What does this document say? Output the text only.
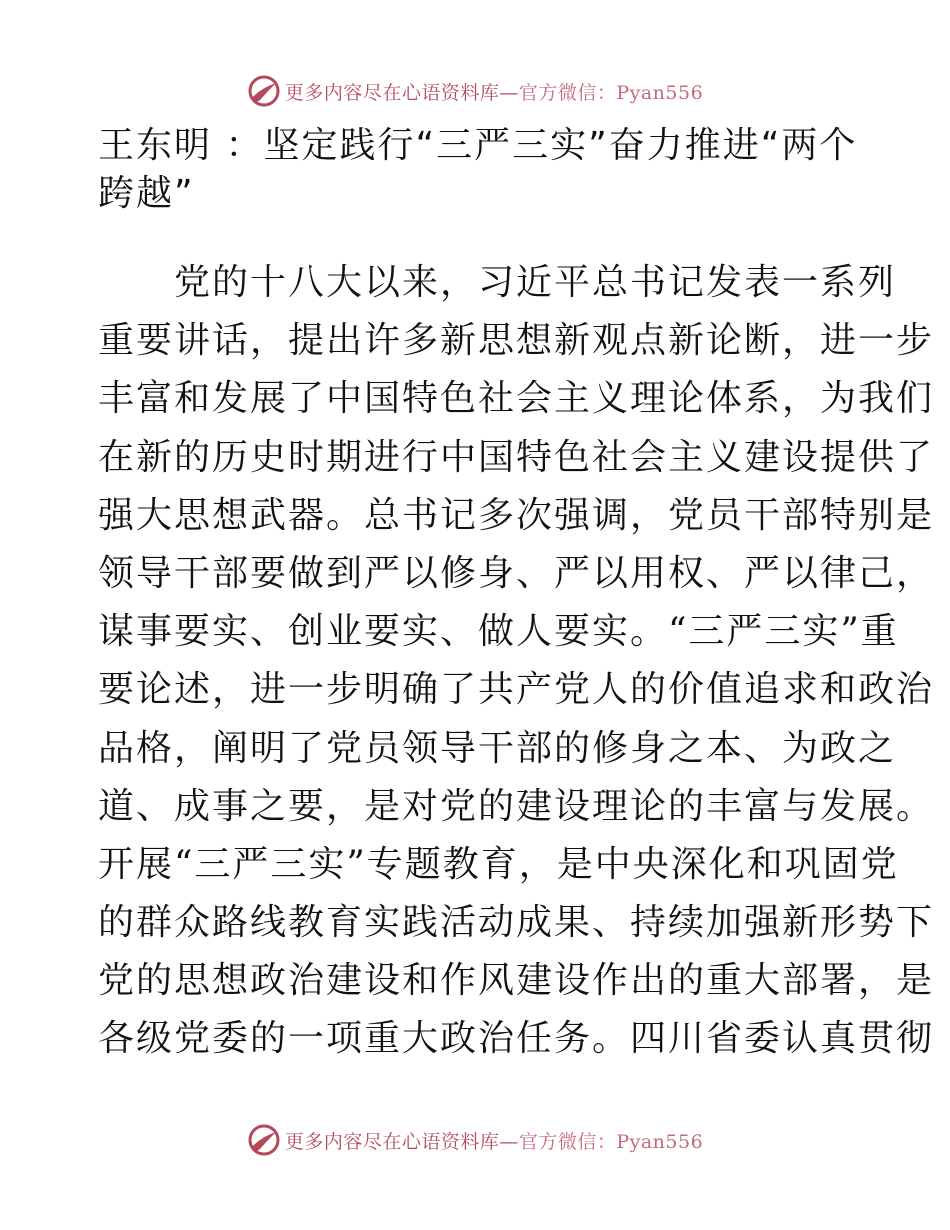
更多内容尽在心语资料库—官方微信：Pyan556
王东明 ：坚定践行“三严三实”奋力推进“两个
跨越”
党的十八大以来，习近平总书记发表一系列
重要讲话，提出许多新思想新观点新论断，进一步
丰富和发展了中国特色社会主义理论体系，为我们
在新的历史时期进行中国特色社会主义建设提供了
强大思想武器。总书记多次强调，党员干部特别是
领导干部要做到严以修身、严以用权、严以律己，
谋事要实、创业要实、做人要实。“三严三实”重
要论述，进一步明确了共产党人的价值追求和政治
品格，阐明了党员领导干部的修身之本、为政之
道、成事之要，是对党的建设理论的丰富与发展。
开展“三严三实”专题教育，是中央深化和巩固党
的群众路线教育实践活动成果、持续加强新形势下
党的思想政治建设和作风建设作出的重大部署，是
各级党委的一项重大政治任务。四川省委认真贯彻
更多内容尽在心语资料库—官方微信：Pyan556
